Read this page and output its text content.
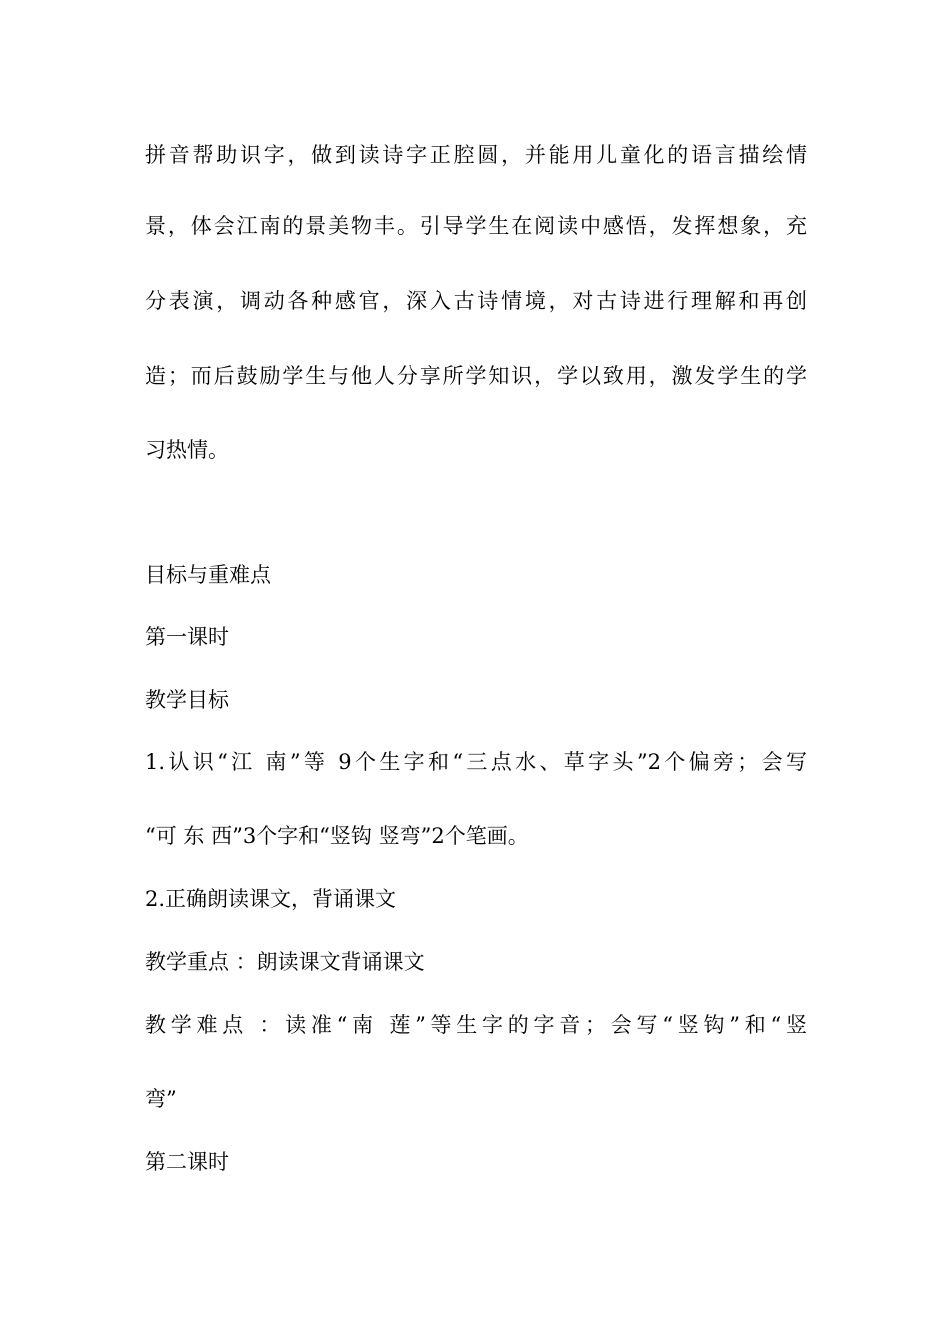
拼音帮助识字，做到读诗字正腔圆，并能用儿童化的语言描绘情
景，体会江南的景美物丰。引导学生在阅读中感悟，发挥想象，充
分表演，调动各种感官，深入古诗情境，对古诗进行理解和再创
造；而后鼓励学生与他人分享所学知识，学以致用，激发学生的学
习热情。
目标与重难点
第一课时
教学目标
1.认识“江 南”等 9个生字和“三点水、草字头”2个偏旁；会写
“可 东 西”3个字和“竖钩 竖弯”2个笔画。
2.正确朗读课文，背诵课文
教学重点 ：朗读课文背诵课文
教学难点 ：读准“南 莲”等生字的字音；会写“竖钩”和“竖
弯”
第二课时
